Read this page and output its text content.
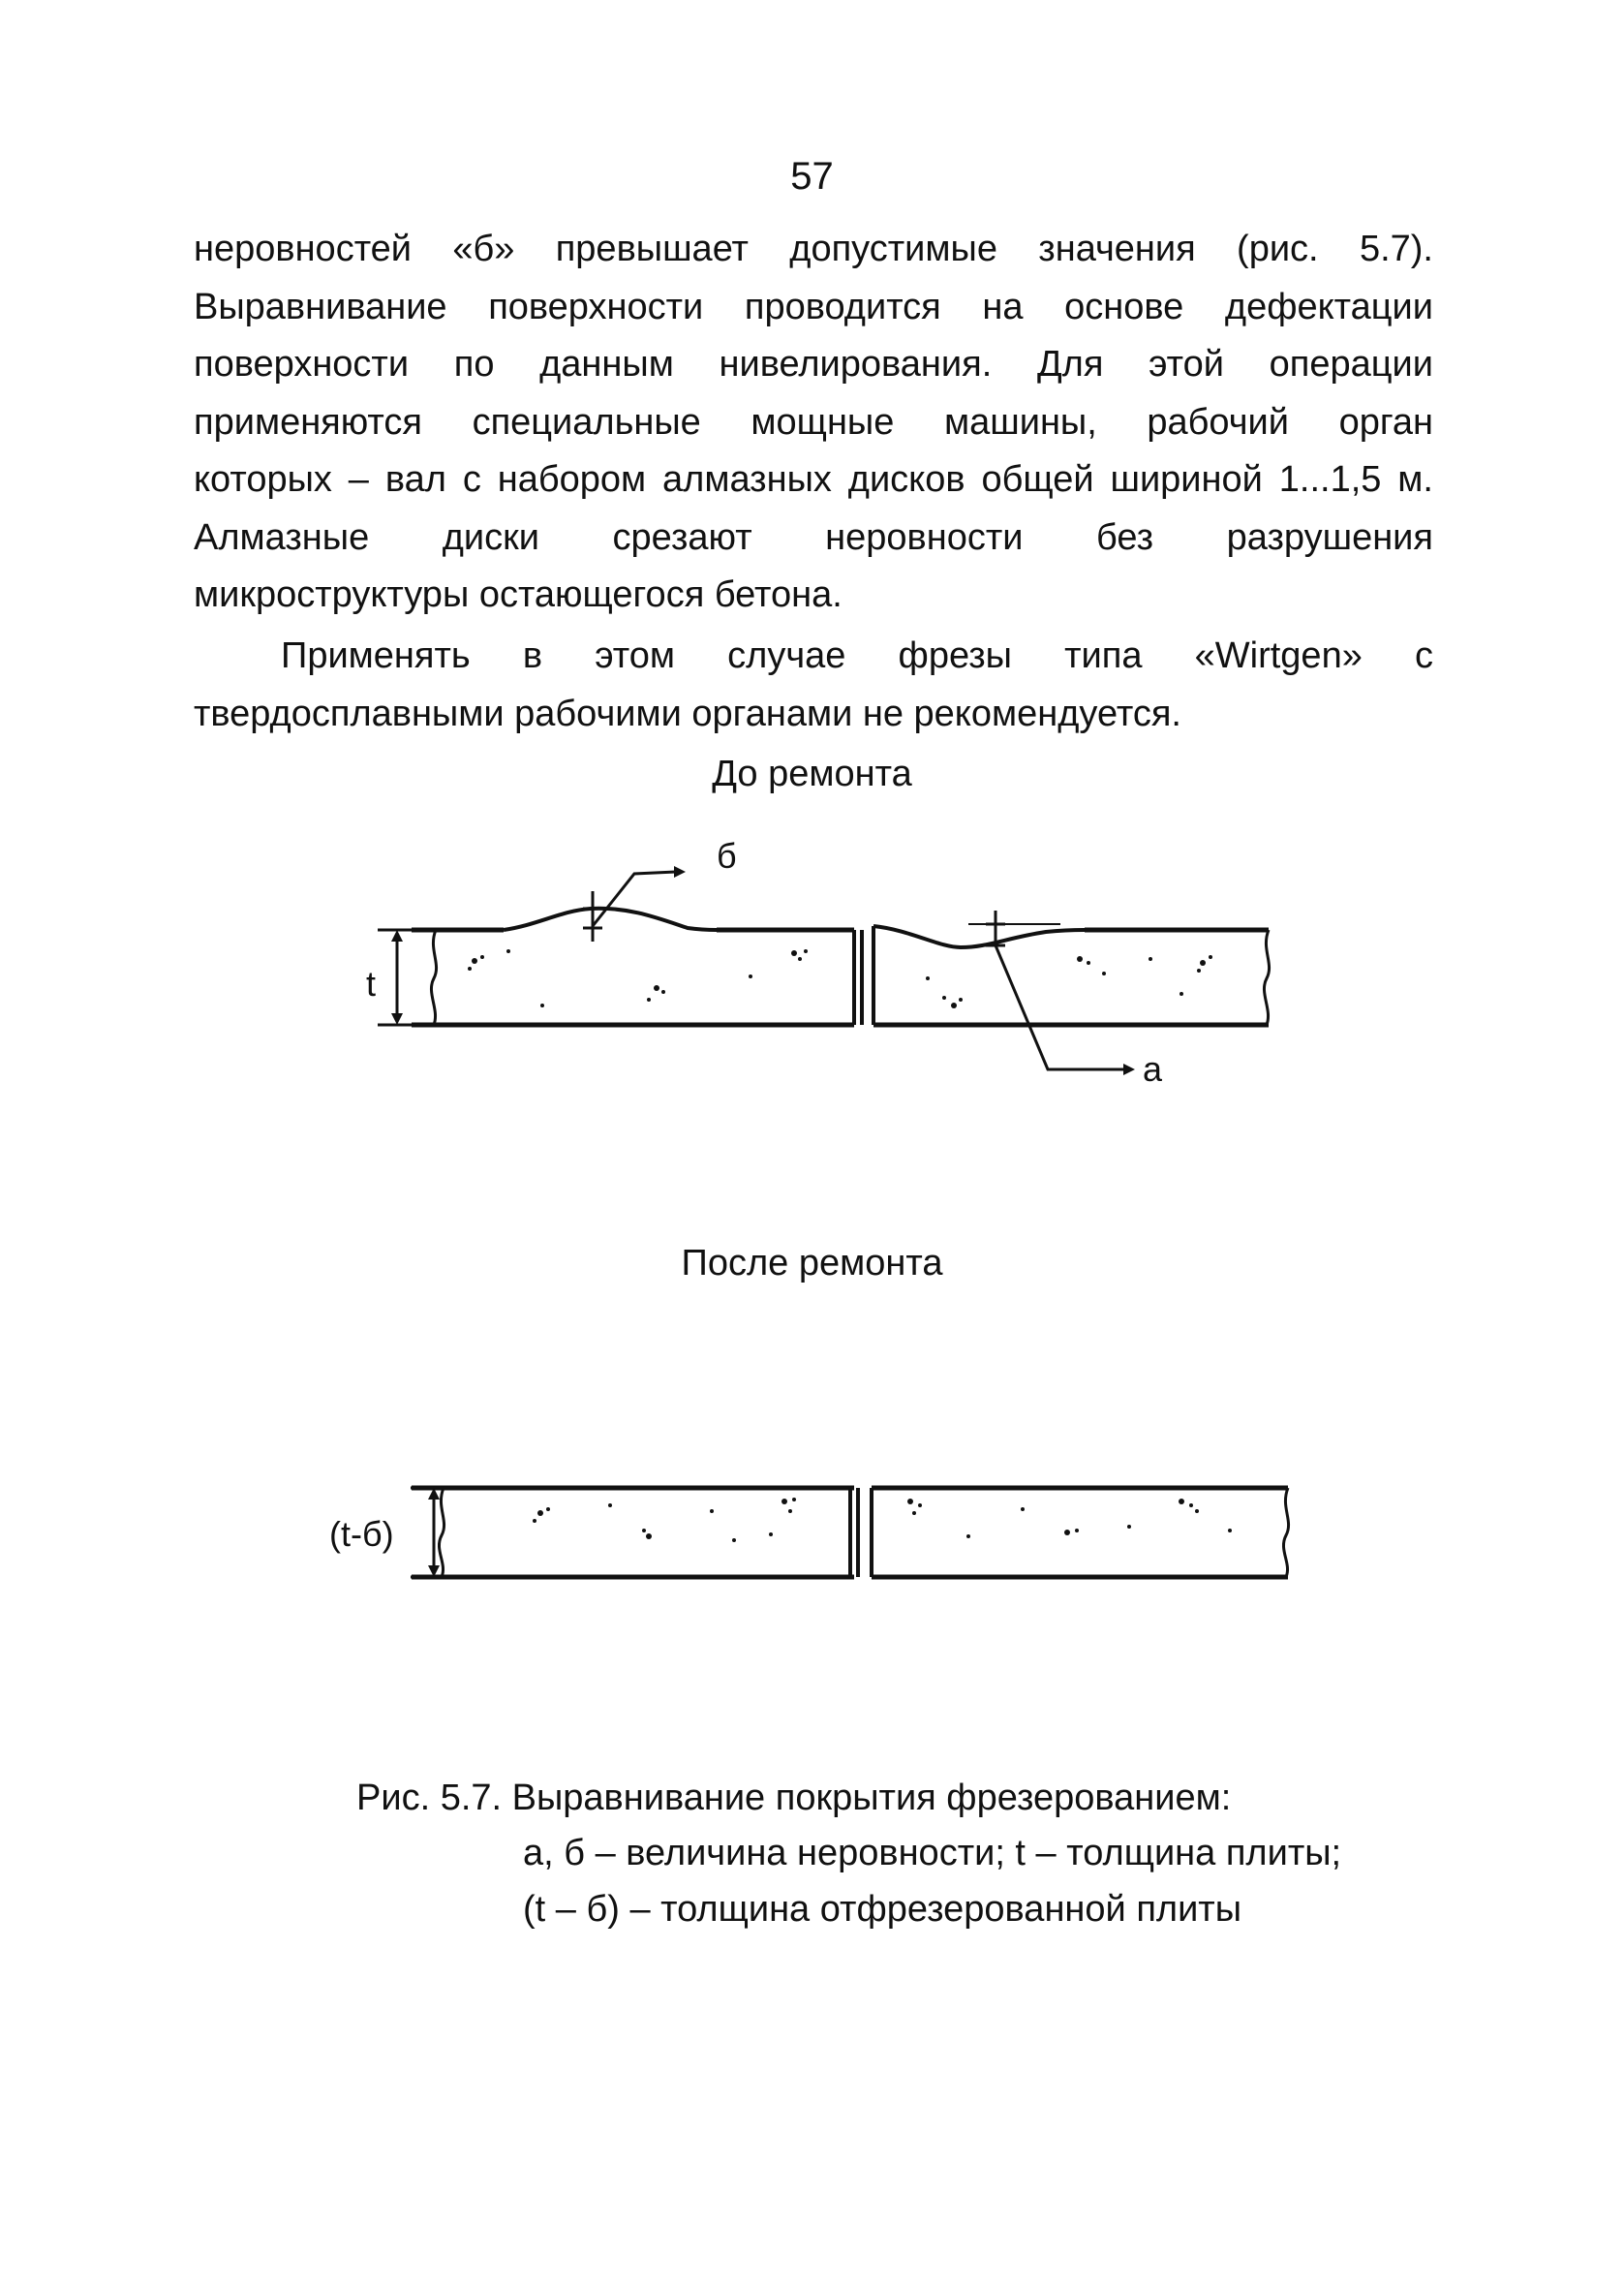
57
неровностей «б» превышает допустимые значения (рис. 5.7).
Выравнивание поверхности проводится на основе дефектации
поверхности по данным нивелирования. Для этой операции
применяются специальные мощные машины, рабочий орган
которых – вал с набором алмазных дисков общей шириной 1...1,5 м.
Алмазные диски срезают неровности без разрушения
микроструктуры остающегося бетона.
Применять в этом случае фрезы типа «Wirtgen» с
твердосплавными рабочими органами не рекомендуется.
До ремонта
t
б
а
После ремонта
(t-б)
Рис. 5.7. Выравнивание покрытия фрезерованием:
а, б – величина неровности; t – толщина плиты;
(t – б) – толщина отфрезерованной плиты
